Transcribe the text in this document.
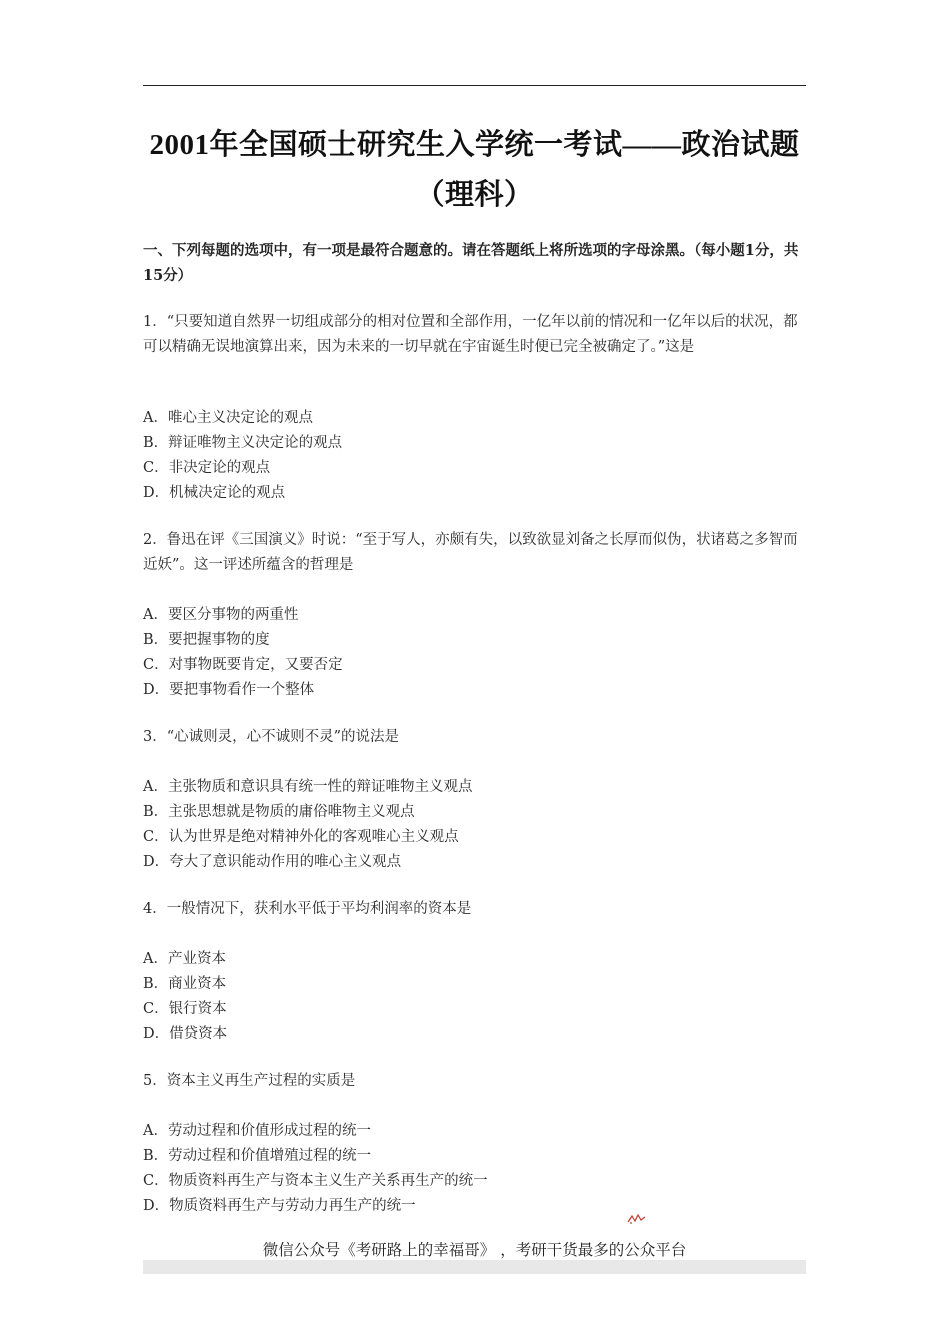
2001年全国硕士研究生入学统一考试——政治试题
（理科）
一、下列每题的选项中，有一项是最符合题意的。请在答题纸上将所选项的字母涂黑。（每小题1分，共15分）
1．“只要知道自然界一切组成部分的相对位置和全部作用，一亿年以前的情况和一亿年以后的状况，都可以精确无误地演算出来，因为未来的一切早就在宇宙诞生时便已完全被确定了。”这是
A．唯心主义决定论的观点
B．辩证唯物主义决定论的观点
C．非决定论的观点
D．机械决定论的观点
2．鲁迅在评《三国演义》时说：“至于写人，亦颇有失，以致欲显刘备之长厚而似伪，状诸葛之多智而近妖”。这一评述所蕴含的哲理是
A．要区分事物的两重性
B．要把握事物的度
C．对事物既要肯定，又要否定
D．要把事物看作一个整体
3．“心诚则灵，心不诚则不灵”的说法是
A．主张物质和意识具有统一性的辩证唯物主义观点
B．主张思想就是物质的庸俗唯物主义观点
C．认为世界是绝对精神外化的客观唯心主义观点
D．夸大了意识能动作用的唯心主义观点
4．一般情况下，获利水平低于平均利润率的资本是
A．产业资本
B．商业资本
C．银行资本
D．借贷资本
5．资本主义再生产过程的实质是
A．劳动过程和价值形成过程的统一
B．劳动过程和价值增殖过程的统一
C．物质资料再生产与资本主义生产关系再生产的统一
D．物质资料再生产与劳动力再生产的统一
微信公众号《考研路上的幸福哥》 ，考研干货最多的公众平台
